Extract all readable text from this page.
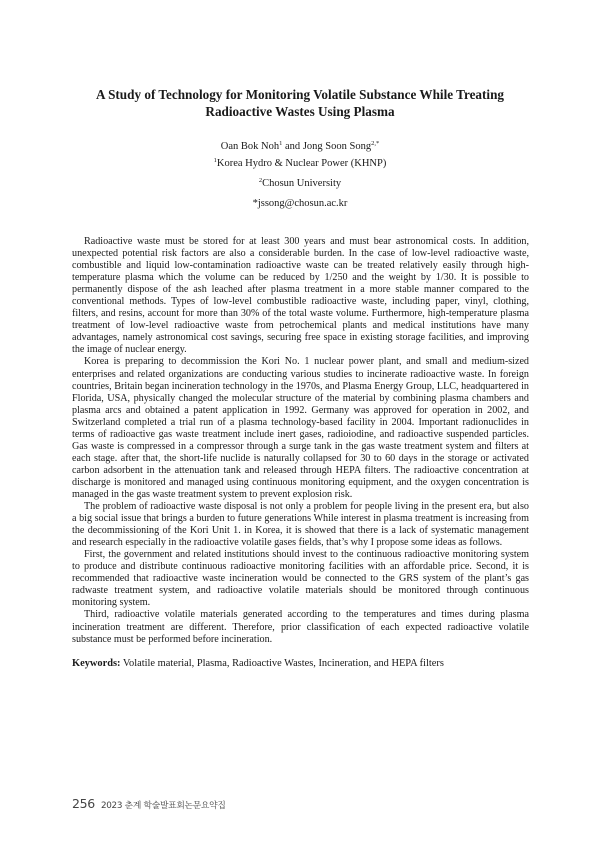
A Study of Technology for Monitoring Volatile Substance While Treating
Radioactive Wastes Using Plasma
Oan Bok Noh$^1$ and Jong Soon Song$^{2,*}$
$^1$Korea Hydro & Nuclear Power (KHNP)
$^2$Chosun University
*jssong@chosun.ac.kr

Radioactive waste must be stored for at least 300 years and must bear astronomical costs. In addition, unexpected potential risk factors are also a considerable burden. In the case of low-level radioactive waste, combustible and liquid low-contamination radioactive waste can be treated relatively easily through high-temperature plasma which the volume can be reduced by 1/250 and the weight by 1/30. It is possible to permanently dispose of the ash leached after plasma treatment in a more stable manner compared to the conventional methods. Types of low-level combustible radioactive waste, including paper, vinyl, clothing, filters, and resins, account for more than 30% of the total waste volume. Furthermore, high-temperature plasma treatment of low-level radioactive waste from petrochemical plants and medical institutions have many advantages, namely astronomical cost savings, securing free space in existing storage facilities, and improving the image of nuclear energy.

Korea is preparing to decommission the Kori No. 1 nuclear power plant, and small and medium-sized enterprises and related organizations are conducting various studies to incinerate radioactive waste. In foreign countries, Britain began incineration technology in the 1970s, and Plasma Energy Group, LLC, headquartered in Florida, USA, physically changed the molecular structure of the material by combining plasma chambers and plasma arcs and obtained a patent application in 1992. Germany was approved for operation in 2002, and Switzerland completed a trial run of a plasma technology-based facility in 2004. Important radionuclides in terms of radioactive gas waste treatment include inert gases, radioiodine, and radioactive suspended particles. Gas waste is compressed in a compressor through a surge tank in the gas waste treatment system and filters at each stage. after that, the short-life nuclide is naturally collapsed for 30 to 60 days in the storage or activated carbon adsorbent in the attenuation tank and released through HEPA filters. The radioactive concentration at discharge is monitored and managed using continuous monitoring equipment, and the oxygen concentration is managed in the gas waste treatment system to prevent explosion risk.

The problem of radioactive waste disposal is not only a problem for people living in the present era, but also a big social issue that brings a burden to future generations While interest in plasma treatment is increasing from the decommissioning of the Kori Unit 1. in Korea, it is showed that there is a lack of systematic management and research especially in the radioactive volatile gases fields, that’s why I propose some ideas as follows.

First, the government and related institutions should invest to the continuous radioactive monitoring system to produce and distribute continuous radioactive monitoring facilities with an affordable price. Second, it is recommended that radioactive waste incineration would be connected to the GRS system of the plant’s gas radwaste treatment system, and radioactive volatile materials should be monitored through continuous monitoring system.

Third, radioactive volatile materials generated according to the temperatures and times during plasma incineration treatment are different. Therefore, prior classification of each expected radioactive volatile substance must be performed before incineration.

Keywords: Volatile material, Plasma, Radioactive Wastes, Incineration, and HEPA filters

256 2023 춘계 학술발표회논문요약집
